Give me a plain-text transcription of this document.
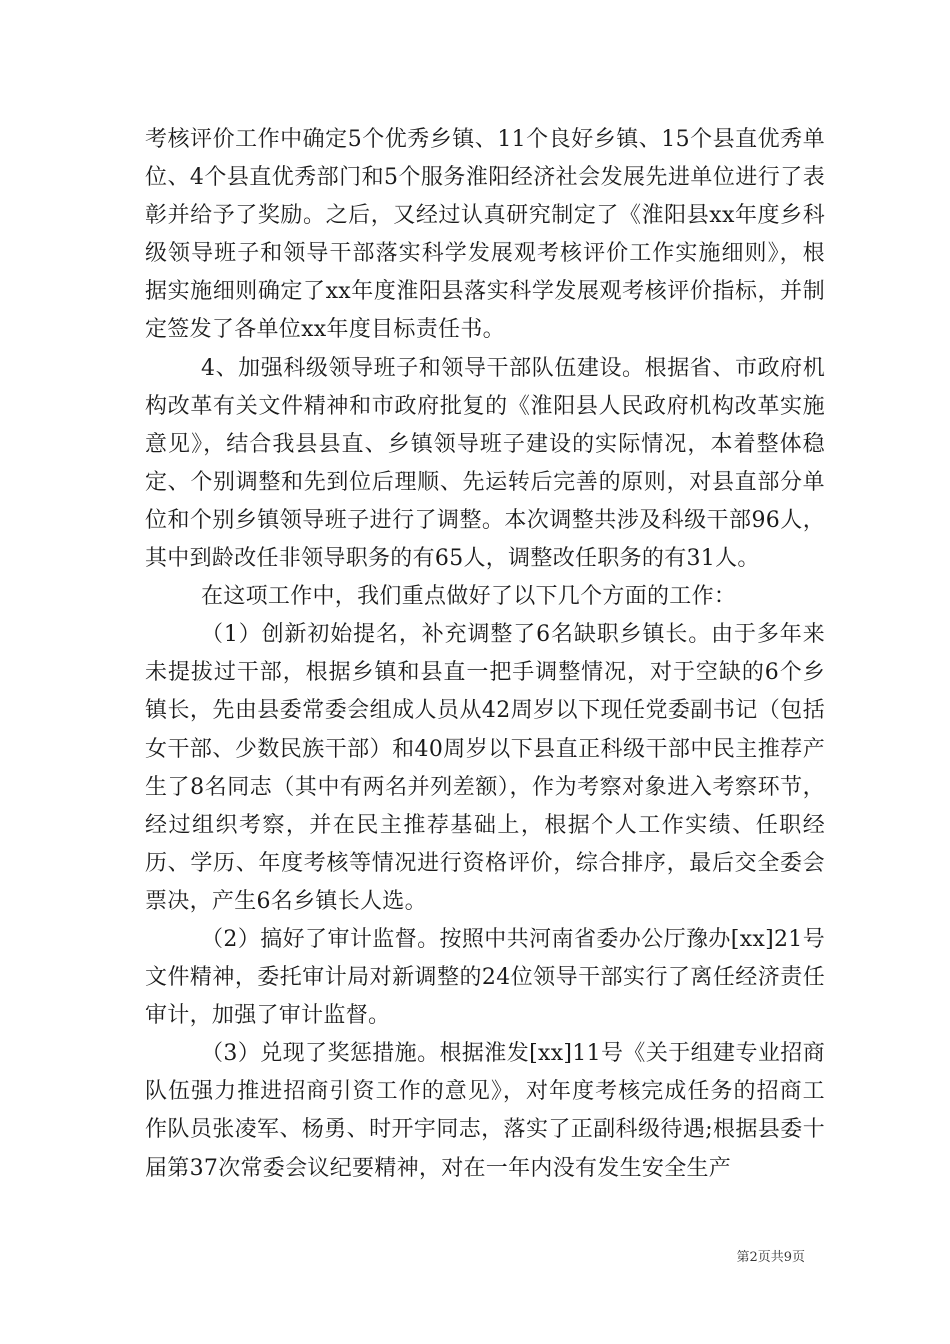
考核评价工作中确定5个优秀乡镇、11个良好乡镇、15个县直优秀单位、4个县直优秀部门和5个服务淮阳经济社会发展先进单位进行了表彰并给予了奖励。之后，又经过认真研究制定了《淮阳县xx年度乡科级领导班子和领导干部落实科学发展观考核评价工作实施细则》，根据实施细则确定了xx年度淮阳县落实科学发展观考核评价指标，并制定签发了各单位xx年度目标责任书。

4、加强科级领导班子和领导干部队伍建设。根据省、市政府机构改革有关文件精神和市政府批复的《淮阳县人民政府机构改革实施意见》，结合我县县直、乡镇领导班子建设的实际情况，本着整体稳定、个别调整和先到位后理顺、先运转后完善的原则，对县直部分单位和个别乡镇领导班子进行了调整。本次调整共涉及科级干部96人，其中到龄改任非领导职务的有65人，调整改任职务的有31人。

在这项工作中，我们重点做好了以下几个方面的工作：

（1）创新初始提名，补充调整了6名缺职乡镇长。由于多年来未提拔过干部，根据乡镇和县直一把手调整情况，对于空缺的6个乡镇长，先由县委常委会组成人员从42周岁以下现任党委副书记（包括女干部、少数民族干部）和40周岁以下县直正科级干部中民主推荐产生了8名同志（其中有两名并列差额），作为考察对象进入考察环节，经过组织考察，并在民主推荐基础上，根据个人工作实绩、任职经历、学历、年度考核等情况进行资格评价，综合排序，最后交全委会票决，产生6名乡镇长人选。

（2）搞好了审计监督。按照中共河南省委办公厅豫办[xx]21号文件精神，委托审计局对新调整的24位领导干部实行了离任经济责任审计，加强了审计监督。

（3）兑现了奖惩措施。根据淮发[xx]11号《关于组建专业招商队伍强力推进招商引资工作的意见》，对年度考核完成任务的招商工作队员张凌军、杨勇、时开宇同志，落实了正副科级待遇;根据县委十届第37次常委会议纪要精神，对在一年内没有发生安全生产

第2页共9页
